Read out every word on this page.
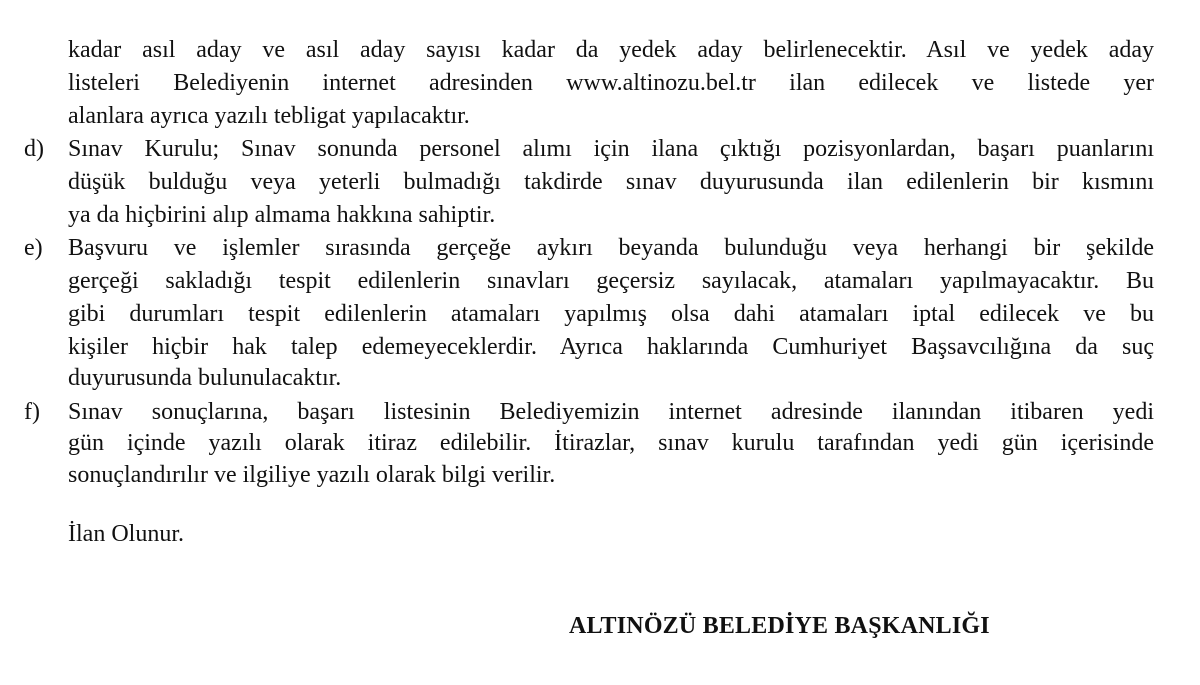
kadar asıl aday ve asıl aday sayısı kadar da yedek aday belirlenecektir. Asıl ve yedek aday
listeleri Belediyenin internet adresinden www.altinozu.bel.tr ilan edilecek ve listede yer
alanlara ayrıca yazılı tebligat yapılacaktır.
d) Sınav Kurulu; Sınav sonunda personel alımı için ilana çıktığı pozisyonlardan, başarı puanlarını
düşük bulduğu veya yeterli bulmadığı takdirde sınav duyurusunda ilan edilenlerin bir kısmını
ya da hiçbirini alıp almama hakkına sahiptir.
e) Başvuru ve işlemler sırasında gerçeğe aykırı beyanda bulunduğu veya herhangi bir şekilde
gerçeği sakladığı tespit edilenlerin sınavları geçersiz sayılacak, atamaları yapılmayacaktır. Bu
gibi durumları tespit edilenlerin atamaları yapılmış olsa dahi atamaları iptal edilecek ve bu
kişiler hiçbir hak talep edemeyeceklerdir. Ayrıca haklarında Cumhuriyet Başsavcılığına da suç
duyurusunda bulunulacaktır.
f) Sınav sonuçlarına, başarı listesinin Belediyemizin internet adresinde ilanından itibaren yedi
gün içinde yazılı olarak itiraz edilebilir. İtirazlar, sınav kurulu tarafından yedi gün içerisinde
sonuçlandırılır ve ilgiliye yazılı olarak bilgi verilir.
İlan Olunur.
ALTINÖZÜ BELEDİYE BAŞKANLIĞI
